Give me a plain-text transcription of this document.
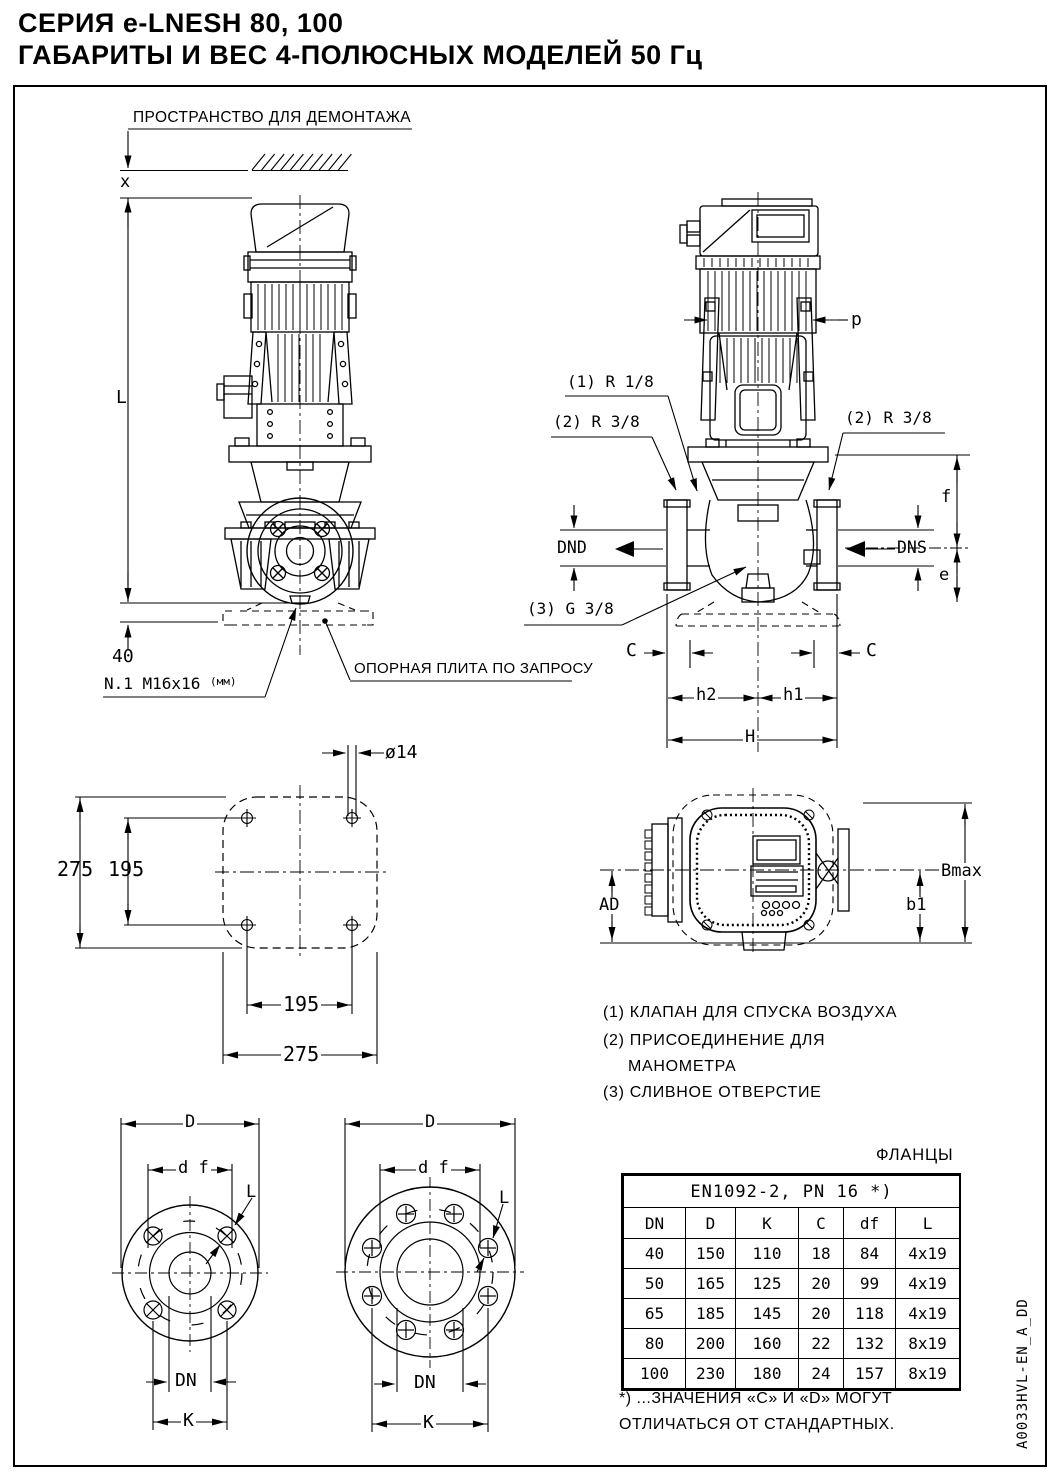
СЕРИЯ e-LNESH 80, 100
ГАБАРИТЫ И ВЕС 4-ПОЛЮСНЫХ МОДЕЛЕЙ 50 Гц
ПРОСТРАНСТВО ДЛЯ ДЕМОНТАЖА
x
L
40
N.1 M16x16 $^{(мм)}$
ОПОРНАЯ ПЛИТА ПО ЗАПРОСУ
p
(1) R 1/8
(2) R 3/8	(2) R 3/8
(3) G 3/8
f
e
DND	DNS
C	C
h2	h1
H
ø14
275 195
195
275
AD
Bmax
b1
(1) КЛАПАН ДЛЯ СПУСКА ВОЗДУХА
(2) ПРИСОЕДИНЕНИЕ ДЛЯ
МАНОМЕТРА
(3) СЛИВНОЕ ОТВЕРСТИЕ
ФЛАНЦЫ
EN1092-2, PN 16 *)					
DN	D	K	C	df	L
40	150	110	18	84	4x19
50	165	125	20	99	4x19
65	185	145	20	118	4x19
80	200	160	22	132	8x19
100	230	180	24	157	8x19
*) ...ЗНАЧЕНИЯ «C» И «D» МОГУТ
ОТЛИЧАТЬСЯ ОТ СТАНДАРТНЫХ.
D
d f
L
DN
K
D
d f
L
DN
K	A0033HVL-EN_A_DD
